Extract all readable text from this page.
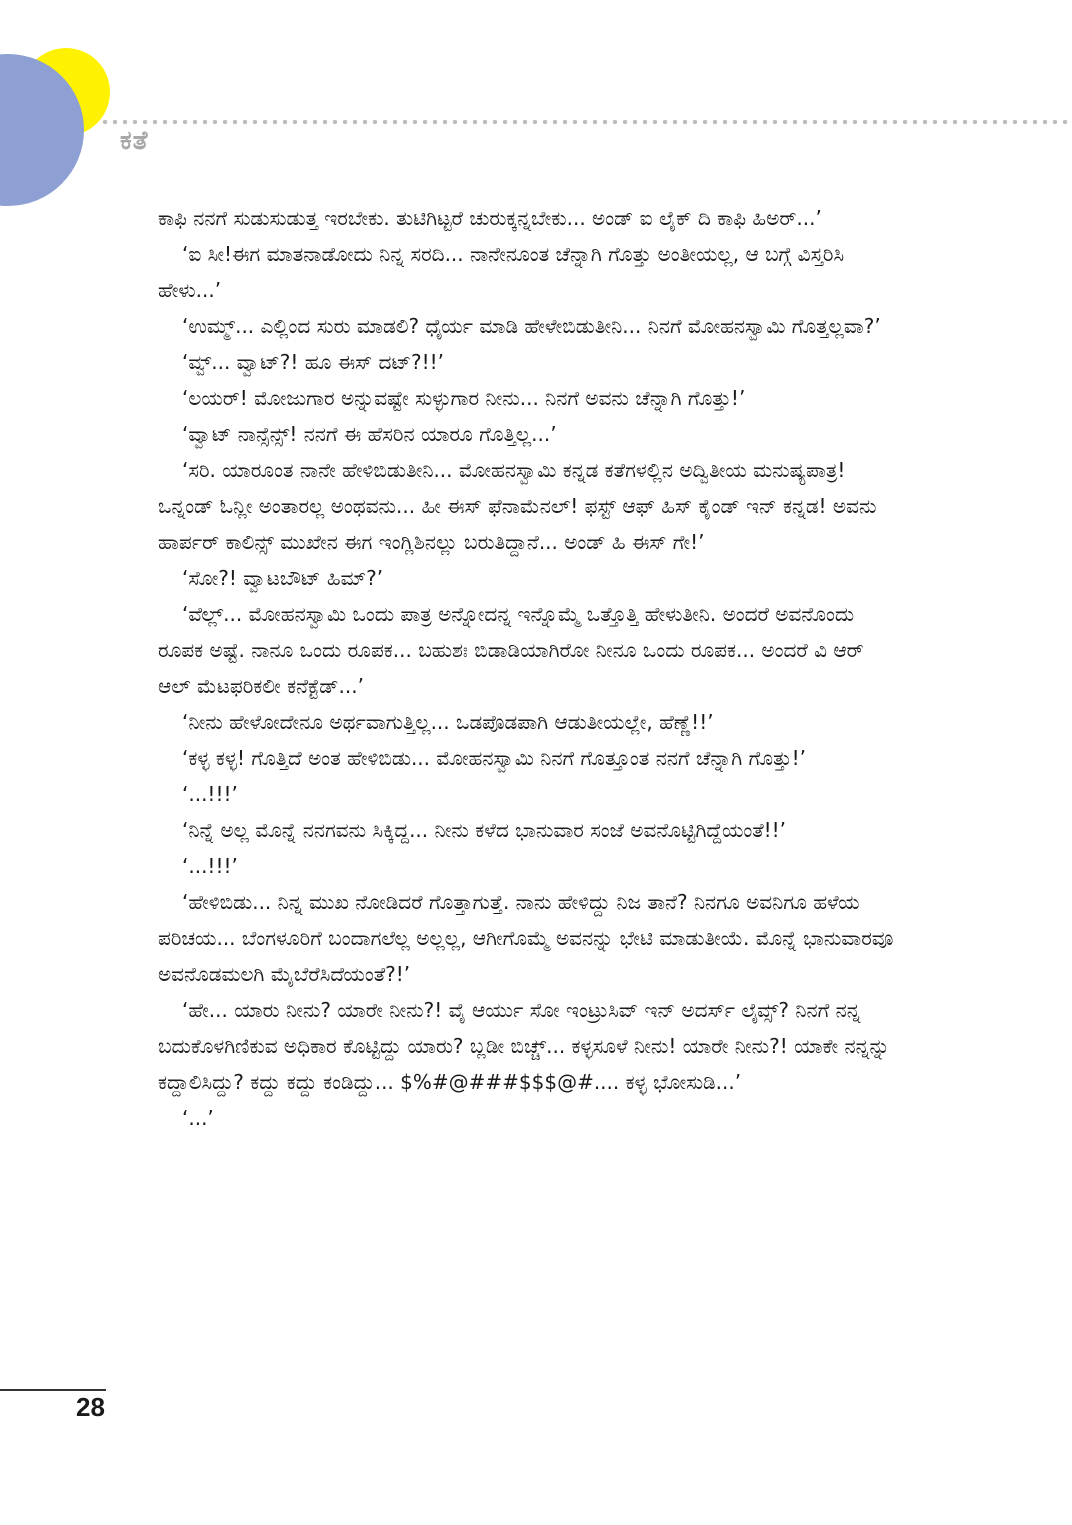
ಕತೆ

ಕಾಫಿ ನನಗೆ ಸುಡುಸುಡುತ್ತ ಇರಬೇಕು. ತುಟಿಗಿಟ್ಟರೆ ಚುರುಕ್ಕನ್ನಬೇಕು... ಅಂಡ್ ಐ ಲೈಕ್ ದಿ ಕಾಫಿ ಹಿಅರ್...’

‘ಐ ಸೀ!ಈಗ ಮಾತನಾಡೋದು ನಿನ್ನ ಸರದಿ... ನಾನೇನೂಂತ ಚೆನ್ನಾಗಿ ಗೊತ್ತು ಅಂತೀಯಲ್ಲ, ಆ ಬಗ್ಗೆ ವಿಸ್ತರಿಸಿ ಹೇಳು...’

‘ಉಮ್ಮ್... ಎಲ್ಲಿಂದ ಸುರು ಮಾಡಲಿ? ಧೈರ್ಯ ಮಾಡಿ ಹೇಳೇಬಿಡುತೀನಿ... ನಿನಗೆ ಮೋಹನಸ್ವಾಮಿ ಗೊತ್ತಲ್ಲವಾ?’

‘ವ್ವ್... ವ್ವಾಟ್?! ಹೂ ಈಸ್ ದಟ್?!!’

‘ಲಯರ್! ಮೋಜುಗಾರ ಅನ್ನುವಷ್ಟೇ ಸುಳ್ಳುಗಾರ ನೀನು... ನಿನಗೆ ಅವನು ಚೆನ್ನಾಗಿ ಗೊತ್ತು!’

‘ವ್ವಾಟ್ ನಾನ್ಸೆನ್ಸ್! ನನಗೆ ಈ ಹೆಸರಿನ ಯಾರೂ ಗೊತ್ತಿಲ್ಲ...’

‘ಸರಿ. ಯಾರೂಂತ ನಾನೇ ಹೇಳಿಬಿಡುತೀನಿ... ಮೋಹನಸ್ವಾಮಿ ಕನ್ನಡ ಕತೆಗಳಲ್ಲಿನ ಅದ್ವಿತೀಯ ಮನುಷ್ಯಪಾತ್ರ! ಒನ್ನಂಡ್ ಓನ್ಲೀ ಅಂತಾರಲ್ಲ ಅಂಥವನು... ಹೀ ಈಸ್ ಫೆನಾಮೆನಲ್! ಫಸ್ಟ್ ಆಫ್ ಹಿಸ್ ಕೈಂಡ್ ಇನ್ ಕನ್ನಡ! ಅವನು ಹಾರ್ಪರ್ ಕಾಲಿನ್ಸ್ ಮುಖೇನ ಈಗ ಇಂಗ್ಲಿಶಿನಲ್ಲು ಬರುತಿದ್ದಾನೆ... ಅಂಡ್ ಹಿ ಈಸ್ ಗೇ!’

‘ಸೋ?! ವ್ವಾಟಬೌಟ್ ಹಿಮ್?’

‘ವೆಲ್ಲ್... ಮೋಹನಸ್ವಾಮಿ ಒಂದು ಪಾತ್ರ ಅನ್ನೋದನ್ನ ಇನ್ನೊಮ್ಮೆ ಒತ್ತೊತ್ತಿ ಹೇಳುತೀನಿ. ಅಂದರೆ ಅವನೊಂದು ರೂಪಕ ಅಷ್ಟೆ. ನಾನೂ ಒಂದು ರೂಪಕ... ಬಹುಶಃ ಬಿಡಾಡಿಯಾಗಿರೋ ನೀನೂ ಒಂದು ರೂಪಕ... ಅಂದರೆ ವಿ ಆರ್ ಆಲ್ ಮೆಟಫರಿಕಲೀ ಕನೆಕ್ಟೆಡ್...’

‘ನೀನು ಹೇಳೋದೇನೂ ಅರ್ಥವಾಗುತ್ತಿಲ್ಲ... ಒಡಪೊಡಪಾಗಿ ಆಡುತೀಯಲ್ಲೇ, ಹೆಣ್ಣೆ!!’

‘ಕಳ್ಳ ಕಳ್ಳ! ಗೊತ್ತಿದೆ ಅಂತ ಹೇಳಿಬಿಡು... ಮೋಹನಸ್ವಾಮಿ ನಿನಗೆ ಗೊತ್ತೂಂತ ನನಗೆ ಚೆನ್ನಾಗಿ ಗೊತ್ತು!’

‘...!!!’

‘ನಿನ್ನೆ ಅಲ್ಲ ಮೊನ್ನೆ ನನಗವನು ಸಿಕ್ಕಿದ್ದ... ನೀನು ಕಳೆದ ಭಾನುವಾರ ಸಂಜೆ ಅವನೊಟ್ಟಿಗಿದ್ದೆಯಂತೆ!!’

‘...!!!’

‘ಹೇಳಿಬಿಡು... ನಿನ್ನ ಮುಖ ನೋಡಿದರೆ ಗೊತ್ತಾಗುತ್ತೆ. ನಾನು ಹೇಳಿದ್ದು ನಿಜ ತಾನೆ? ನಿನಗೂ ಅವನಿಗೂ ಹಳೆಯ ಪರಿಚಯ... ಬೆಂಗಳೂರಿಗೆ ಬಂದಾಗಲೆಲ್ಲ ಅಲ್ಲಲ್ಲ, ಆಗೀಗೊಮ್ಮೆ ಅವನನ್ನು ಭೇಟಿ ಮಾಡುತೀಯೆ. ಮೊನ್ನೆ ಭಾನುವಾರವೂ ಅವನೊಡಮಲಗಿ ಮೈಬೆರೆಸಿದೆಯಂತೆ?!’

‘ಹೇ... ಯಾರು ನೀನು? ಯಾರೇ ನೀನು?! ವೈ ಆರ್ಯು ಸೋ ಇಂಟ್ರುಸಿವ್ ಇನ್ ಅದರ್ಸ್ ಲೈವ್ಸ್? ನಿನಗೆ ನನ್ನ ಬದುಕೊಳಗಿಣಿಕುವ ಅಧಿಕಾರ ಕೊಟ್ಟಿದ್ದು ಯಾರು? ಬ್ಲಡೀ ಬಿಚ್ಚ್... ಕಳ್ಳಸೂಳೆ ನೀನು! ಯಾರೇ ನೀನು?! ಯಾಕೇ ನನ್ನನ್ನು ಕದ್ದಾಲಿಸಿದ್ದು? ಕದ್ದು ಕದ್ದು ಕಂಡಿದ್ದು... $%#@###$$$@#.... ಕಳ್ಳ ಭೋಸುಡಿ...’

‘...’

28
